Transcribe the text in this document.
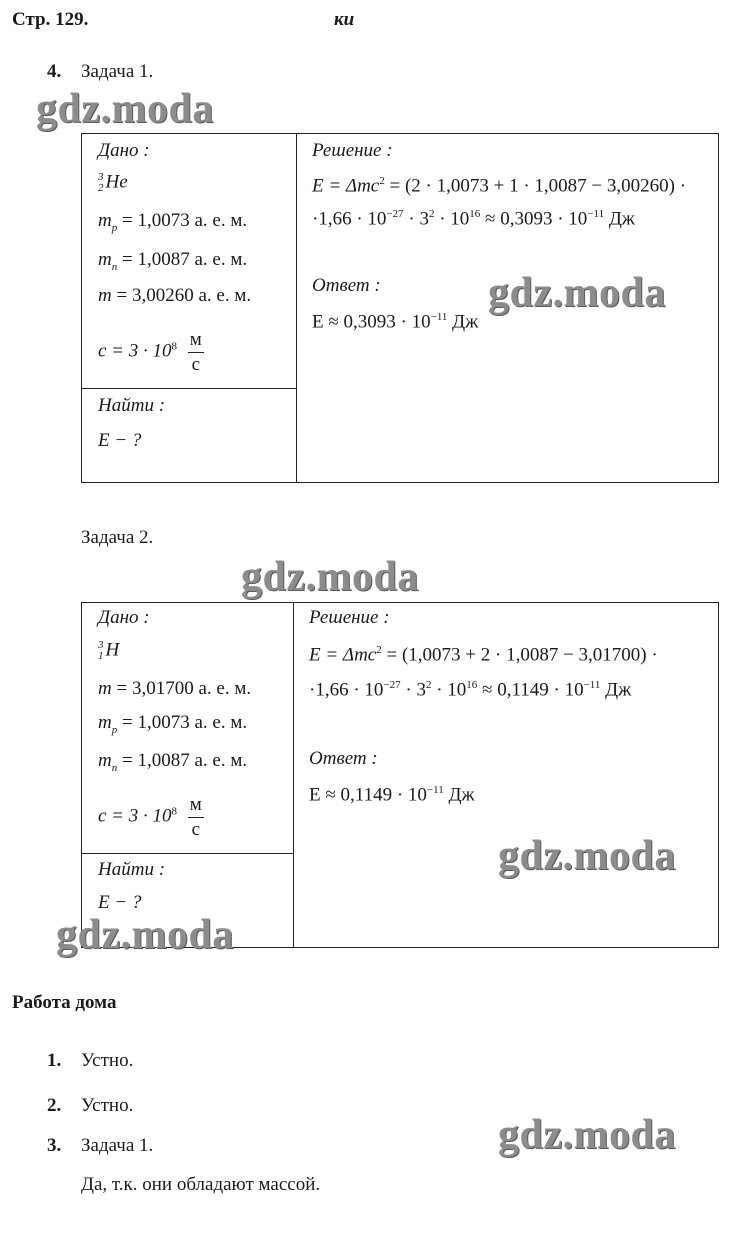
Стр. 129.	ки
4. Задача 1.
gdz.moda
Дано :
3
2 He
$m_p = 1,0073$ а. е. м.
$m_n = 1,0087$ а. е. м.
m = 3,00260 а. е. м.
$c = 3 \cdot 10^8 \frac{м}{с}$
Найти :
E − ?
Решение :
E = Δmc$^2$ = (2 · 1,0073 + 1 · 1,0087 − 3,00260) ·
$\cdot 1,66 \cdot 10^{-27} \cdot 3^2 \cdot 10^{16} \approx 0,3093 \cdot 10^{-11}$ Дж
Ответ :
$E \approx 0,3093 \cdot 10^{-11}$ Дж
gdz.moda
Задача 2.
gdz.moda
Дано :
3
1 H
m = 3,01700 а. е. м.
$m_p = 1,0073$ а. е. м.
$m_n = 1,0087$ а. е. м.
$c = 3 \cdot 10^8 \frac{м}{с}$
Найти :
E − ?
gdz.moda
Решение :
E = Δmc$^2$ = (1,0073 + 2 · 1,0087 − 3,01700) ·
$\cdot 1,66 \cdot 10^{-27} \cdot 3^2 \cdot 10^{16} \approx 0,1149 \cdot 10^{-11}$ Дж
Ответ :
$E \approx 0,1149 \cdot 10^{-11}$ Дж
gdz.moda
Работа дома
1. Устно.
2. Устно.
3. Задача 1.
Да, т.к. они обладают массой.
gdz.moda
